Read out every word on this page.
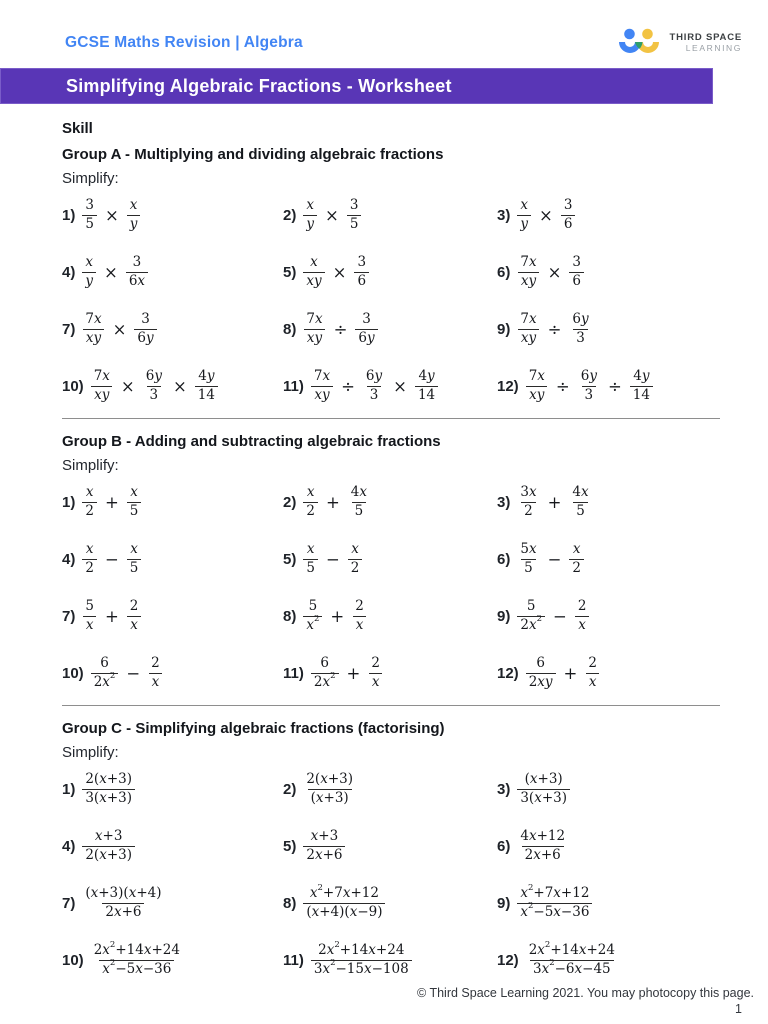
GCSE Maths Revision | Algebra	THIRD SPACE
LEARNING
Simplifying Algebraic Fractions - Worksheet
Skill
Group A - Multiplying and dividing algebraic fractions
Simplify:
$1) \frac{3}{5} \times \frac{x}{y}$	$2) \frac{x}{y} \times \frac{3}{5}$	$3) \frac{x}{y} \times \frac{3}{6}$
$4) \frac{x}{y} \times \frac{3}{6x}$	$5) \frac{x}{xy} \times \frac{3}{6}$	$6) \frac{7x}{xy} \times \frac{3}{6}$
$7) \frac{7x}{xy} \times \frac{3}{6y}$	$8) \frac{7x}{xy} \div \frac{3}{6y}$	$9) \frac{7x}{xy} \div \frac{6y}{3}$
$10) \frac{7x}{xy} \times \frac{6y}{3} \times \frac{4y}{14}$	$11) \frac{7x}{xy} \div \frac{6y}{3} \times \frac{4y}{14}$	$12) \frac{7x}{xy} \div \frac{6y}{3} \div \frac{4y}{14}$
Group B - Adding and subtracting algebraic fractions
Simplify:
$1) \frac{x}{2} + \frac{x}{5}$	$2) \frac{x}{2} + \frac{4x}{5}$	$3) \frac{3x}{2} + \frac{4x}{5}$
$4) \frac{x}{2} - \frac{x}{5}$	$5) \frac{x}{5} - \frac{x}{2}$	$6) \frac{5x}{5} - \frac{x}{2}$
$7) \frac{5}{x} + \frac{2}{x}$	$8) \frac{5}{x^2} + \frac{2}{x}$	$9) \frac{5}{2x^2} - \frac{2}{x}$
$10) \frac{6}{2x^2} - \frac{2}{x}$	$11) \frac{6}{2x^2} + \frac{2}{x}$	$12) \frac{6}{2xy} + \frac{2}{x}$
Group C - Simplifying algebraic fractions (factorising)
Simplify:
$1) \frac{2(x+3)}{3(x+3)}$	$2) \frac{2(x+3)}{(x+3)}$	$3) \frac{(x+3)}{3(x+3)}$
$4) \frac{x+3}{2(x+3)}$	$5) \frac{x+3}{2x+6}$	$6) \frac{4x+12}{2x+6}$
$7) \frac{(x+3)(x+4)}{2x+6}$	$8) \frac{x^2+7x+12}{(x+4)(x-9)}$	$9) \frac{x^2+7x+12}{x^2-5x-36}$
$10) \frac{2x^2+14x+24}{x^2-5x-36}$	$11) \frac{2x^2+14x+24}{3x^2-15x-108}$	$12) \frac{2x^2+14x+24}{3x^2-6x-45}$
© Third Space Learning 2021. You may photocopy this page.
1
